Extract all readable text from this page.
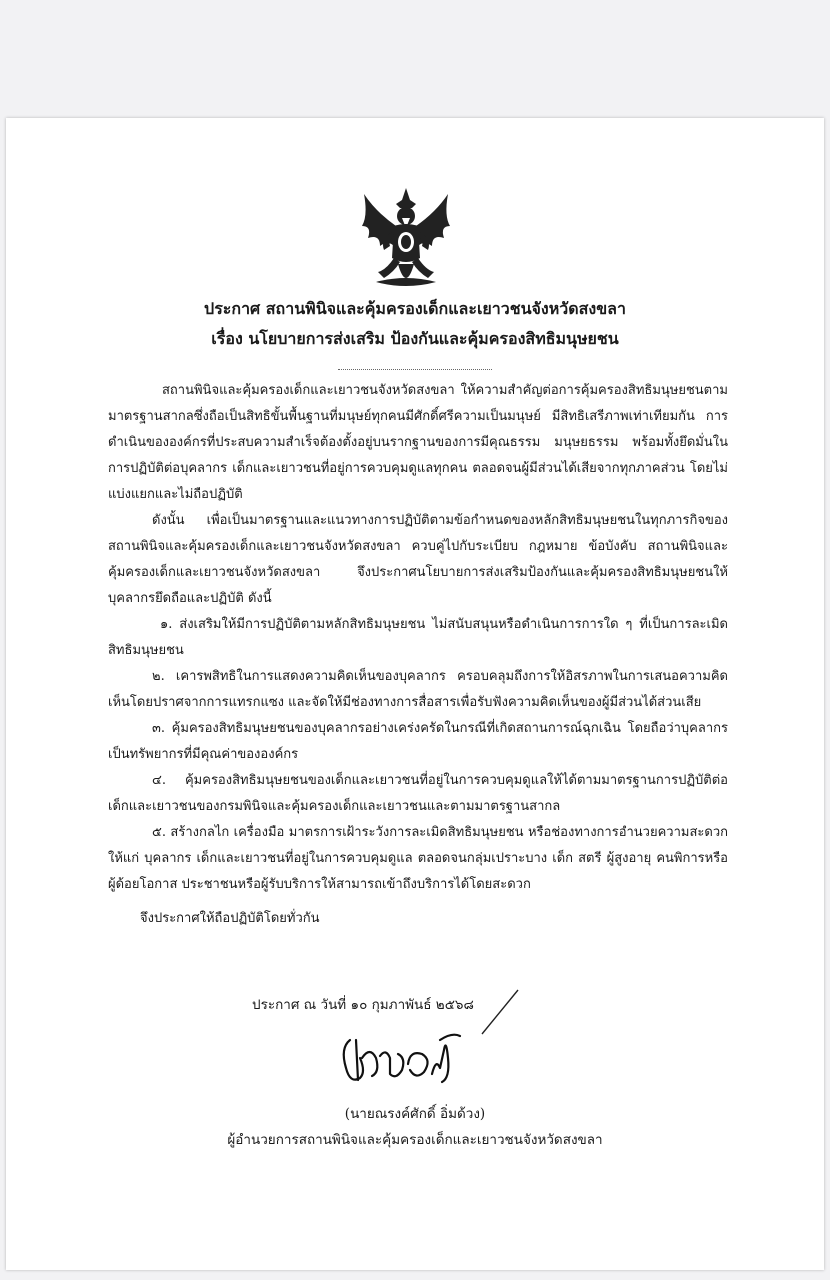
ประกาศ สถานพินิจและคุ้มครองเด็กและเยาวชนจังหวัดสงขลา
เรื่อง นโยบายการส่งเสริม ป้องกันและคุ้มครองสิทธิมนุษยชน

สถานพินิจและคุ้มครองเด็กและเยาวชนจังหวัดสงขลา ให้ความสำคัญต่อการคุ้มครองสิทธิมนุษยชนตามมาตรฐานสากลซึ่งถือเป็นสิทธิขั้นพื้นฐานที่มนุษย์ทุกคนมีศักดิ์ศรีความเป็นมนุษย์ มีสิทธิเสรีภาพเท่าเทียมกัน การดำเนินขององค์กรที่ประสบความสำเร็จต้องตั้งอยู่บนรากฐานของการมีคุณธรรม มนุษยธรรม พร้อมทั้งยึดมั่นในการปฏิบัติต่อบุคลากร เด็กและเยาวชนที่อยู่การควบคุมดูแลทุกคน ตลอดจนผู้มีส่วนได้เสียจากทุกภาคส่วน โดยไม่แบ่งแยกและไม่ถือปฏิบัติ

ดังนั้น เพื่อเป็นมาตรฐานและแนวทางการปฏิบัติตามข้อกำหนดของหลักสิทธิมนุษยชนในทุกภารกิจของสถานพินิจและคุ้มครองเด็กและเยาวชนจังหวัดสงขลา ควบคู่ไปกับระเบียบ กฎหมาย ข้อบังคับ สถานพินิจและคุ้มครองเด็กและเยาวชนจังหวัดสงขลา จึงประกาศนโยบายการส่งเสริมป้องกันและคุ้มครองสิทธิมนุษยชนให้บุคลากรยึดถือและปฏิบัติ ดังนี้

๑. ส่งเสริมให้มีการปฏิบัติตามหลักสิทธิมนุษยชน ไม่สนับสนุนหรือดำเนินการการใด ๆ ที่เป็นการละเมิดสิทธิมนุษยชน

๒. เคารพสิทธิในการแสดงความคิดเห็นของบุคลากร ครอบคลุมถึงการให้อิสรภาพในการเสนอความคิดเห็นโดยปราศจากการแทรกแซง และจัดให้มีช่องทางการสื่อสารเพื่อรับฟังความคิดเห็นของผู้มีส่วนได้ส่วนเสีย

๓. คุ้มครองสิทธิมนุษยชนของบุคลากรอย่างเคร่งครัดในกรณีที่เกิดสถานการณ์ฉุกเฉิน โดยถือว่าบุคลากรเป็นทรัพยากรที่มีคุณค่าขององค์กร

๔. คุ้มครองสิทธิมนุษยชนของเด็กและเยาวชนที่อยู่ในการควบคุมดูแลให้ได้ตามมาตรฐานการปฏิบัติต่อเด็กและเยาวชนของกรมพินิจและคุ้มครองเด็กและเยาวชนและตามมาตรฐานสากล

๕. สร้างกลไก เครื่องมือ มาตรการเฝ้าระวังการละเมิดสิทธิมนุษยชน หรือช่องทางการอำนวยความสะดวกให้แก่ บุคลากร เด็กและเยาวชนที่อยู่ในการควบคุมดูแล ตลอดจนกลุ่มเปราะบาง เด็ก สตรี ผู้สูงอายุ คนพิการหรือผู้ด้อยโอกาส ประชาชนหรือผู้รับบริการให้สามารถเข้าถึงบริการได้โดยสะดวก

จึงประกาศให้ถือปฏิบัติโดยทั่วกัน

ประกาศ ณ วันที่ ๑๐ กุมภาพันธ์ ๒๕๖๘
(นายณรงค์ศักดิ์ อิ่มด้วง)
ผู้อำนวยการสถานพินิจและคุ้มครองเด็กและเยาวชนจังหวัดสงขลา
